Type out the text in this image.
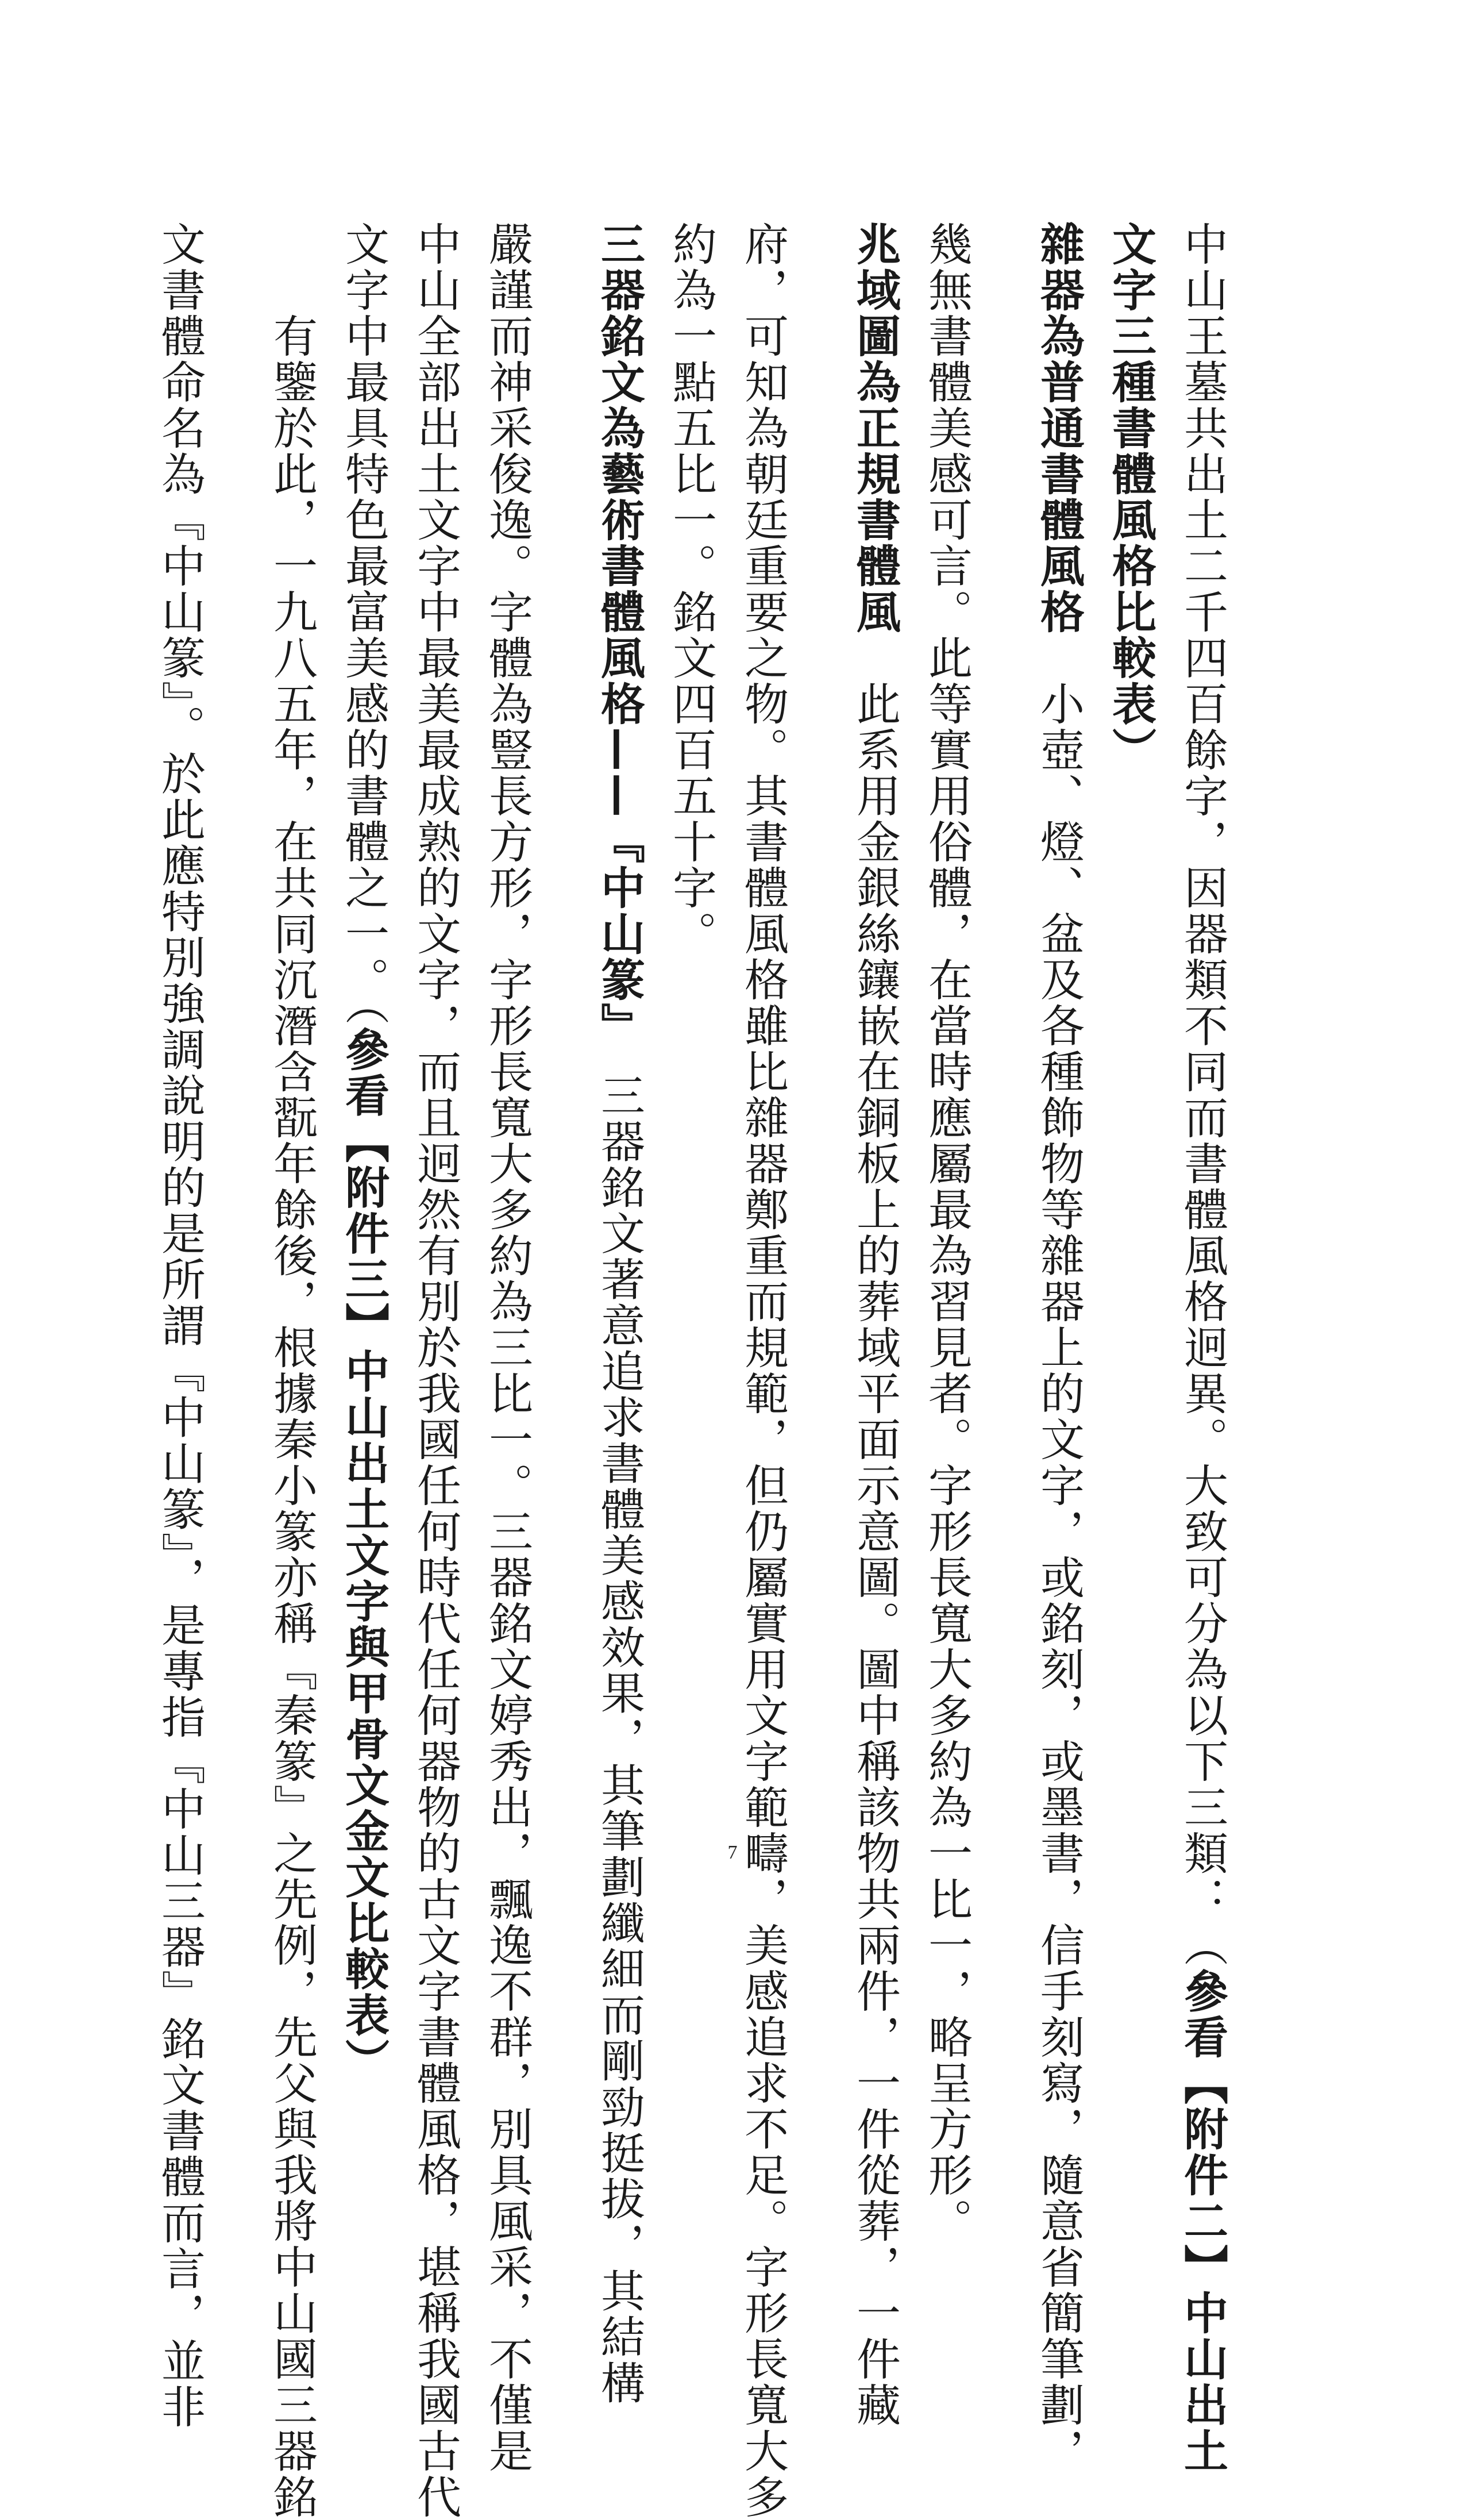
中山王墓共出土二千四百餘字，因器類不同而書體風格迥異。大致可分為以下三類：（參看【附件二】中山出土
文字三種書體風格比較表）
雜器為普通書體風格　小壺、燈、盆及各種飾物等雜器上的文字，或銘刻，或墨書，信手刻寫，隨意省簡筆劃，
幾無書體美感可言。此等實用俗體，在當時應屬最為習見者。字形長寬大多約為一比一，略呈方形。
兆域圖為正規書體風　此系用金銀絲鑲嵌在銅板上的葬域平面示意圖。圖中稱該物共兩件，一件從葬，一件藏
府，可知為朝廷重要之物。其書體風格雖比雜器鄭重而規範，但仍屬實用文字範疇，美感追求不足。字形長寬大多
約為一點五比一。銘文四百五十字。
三器銘文為藝術書體風格——『中山篆』　三器銘文著意追求書體美感效果，其筆劃纖細而剛勁挺拔，其結構
嚴謹而神采俊逸。字體為豎長方形，字形長寬大多約為三比一。三器銘文婷秀出，飄逸不群，別具風采，不僅是
中山全部出土文字中最美最成熟的文字，而且迥然有別於我國任何時代任何器物的古文字書體風格，堪稱我國古代
文字中最具特色最富美感的書體之一。（參看【附件三】中山出土文字與甲骨文金文比較表）
　　有鑒於此，一九八五年，在共同沉潛含翫年餘後，根據秦小篆亦稱『秦篆』之先例，先父與我將中山國三器銘
文書體命名為『中山篆』。於此應特別強調說明的是所謂『中山篆』，是專指『中山三器』銘文書體而言，並非	7
